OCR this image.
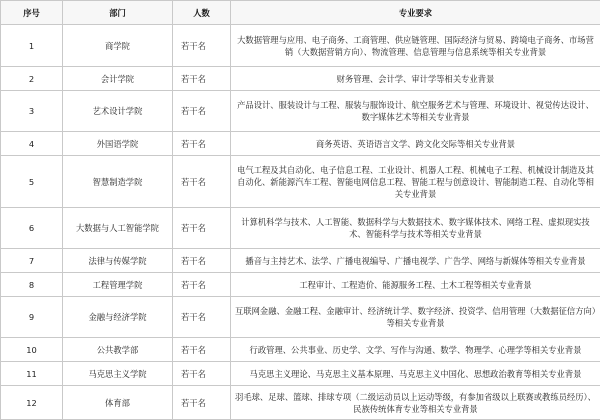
序号	部门	人数	专业要求
1	商学院	若干名	大数据管理与应用、电子商务、工商管理、供应链管理、国际经济与贸易、跨境电子商务、市场营销（大数据营销方向）、物流管理、信息管理与信息系统等相关专业背景
2	会计学院	若干名	财务管理、会计学、审计学等相关专业背景
3	艺术设计学院	若干名	产品设计、服装设计与工程、服装与服饰设计、航空服务艺术与管理、环境设计、视觉传达设计、数字媒体艺术等相关专业背景
4	外国语学院	若干名	商务英语、英语语言文学、跨文化交际等相关专业背景
5	智慧制造学院	若干名	电气工程及其自动化、电子信息工程、工业设计、机器人工程、机械电子工程、机械设计制造及其自动化、新能源汽车工程、智能电网信息工程、智能工程与创意设计、智能制造工程、自动化等相关专业背景
6	大数据与人工智能学院	若干名	计算机科学与技术、人工智能、数据科学与大数据技术、数字媒体技术、网络工程、虚拟现实技术、智能科学与技术等相关专业背景
7	法律与传媒学院	若干名	播音与主持艺术、法学、广播电视编导、广播电视学、广告学、网络与新媒体等相关专业背景
8	工程管理学院	若干名	工程审计、工程造价、能源服务工程、土木工程等相关专业背景
9	金融与经济学院	若干名	互联网金融、金融工程、金融审计、经济统计学、数字经济、投资学、信用管理（大数据征信方向）等相关专业背景
10	公共教学部	若干名	行政管理、公共事业、历史学、文学、写作与沟通、数学、物理学、心理学等相关专业背景
11	马克思主义学院	若干名	马克思主义理论、马克思主义基本原理、马克思主义中国化、思想政治教育等相关专业背景
12	体育部	若干名	羽毛球、足球、篮球、排球专项（二级运动员以上运动等级，有参加省级以上联赛或教练员经历）、民族传统体育专业等相关专业背景
